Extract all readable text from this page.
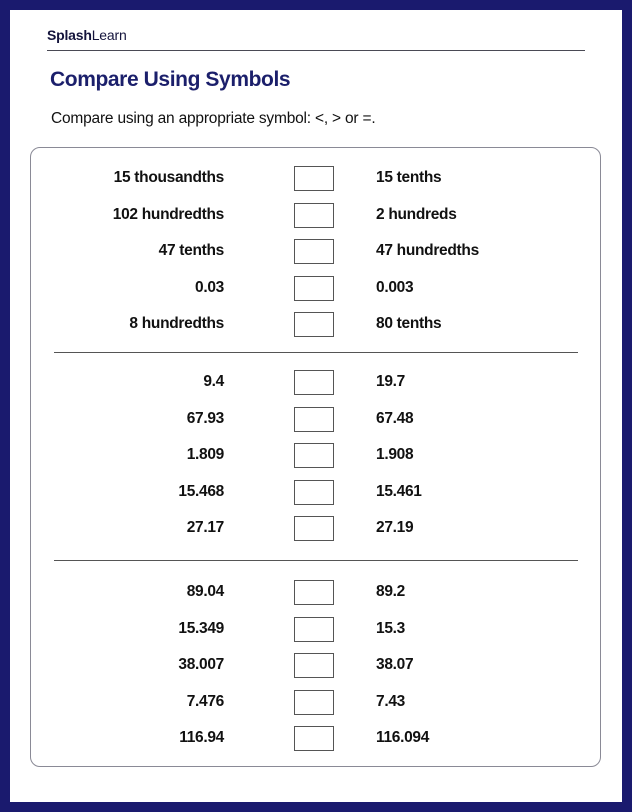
SplashLearn
Compare Using Symbols
Compare using an appropriate symbol: <, > or =.
15 thousandths	15 tenths
102 hundredths	2 hundreds
47 tenths	47 hundredths
0.03	0.003
8 hundredths	80 tenths
9.4	19.7
67.93	67.48
1.809	1.908
15.468	15.461
27.17	27.19
89.04	89.2
15.349	15.3
38.007	38.07
7.476	7.43
116.94	116.094
